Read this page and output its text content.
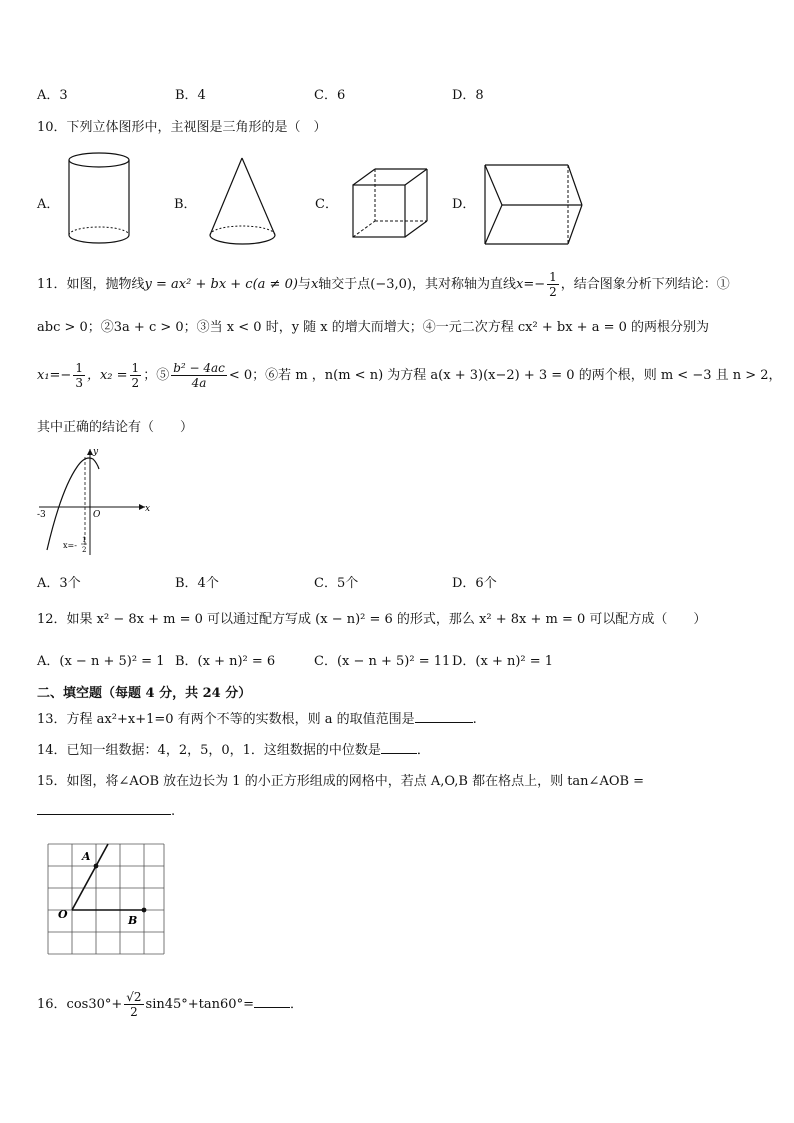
A．3	B．4	C．6	D．8
10．下列立体图形中，主视图是三角形的是（　）
A．	B．	C．	D．
11．如图，抛物线y = ax² + bx + c(a ≠ 0)与x轴交于点(−3,0)，其对称轴为直线$x=- \frac{1}{2}$ ，结合图象分析下列结论：①
abc > 0；②3a + c > 0；③当 x < 0 时，y 随 x 的增大而增大；④一元二次方程 cx² + bx + a = 0 的两根分别为
$x_1=- \frac{1}{3}$ ，$x_2 = \frac{1}{2}$ ；⑤ $\frac{\text{b² − 4ac}}{4a} < 0$；⑥若 m ，n(m < n) 为方程 a(x + 3)(x−2) + 3 = 0 的两个根，则 m < −3 且 n > 2，
其中正确的结论有（　　）
x
y
O
-3
x=-
1
2
A．3个	B．4个	C．5个	D．6个
12．如果 x² − 8x + m = 0 可以通过配方写成 (x − n)² = 6 的形式，那么 x² + 8x + m = 0 可以配方成（　　）
A．(x − n + 5)² = 1 B．(x + n)² = 6	C．(x − n + 5)² = 11 D．(x + n)² = 1
二、填空题（每题 4 分，共 24 分）
13．方程 ax²+x+1=0 有两个不等的实数根，则 a 的取值范围是	.
14．已知一组数据：4，2，5，0，1．这组数据的中位数是	．
15．如图，将∠AOB 放在边长为 1 的小正方形组成的网格中，若点 A,O,B 都在格点上，则 tan∠AOB =
.
A
O	B
16．$\cos 30^\circ+ \frac{√2}{2} \sin 45^\circ+\tan 60^\circ=$	．
